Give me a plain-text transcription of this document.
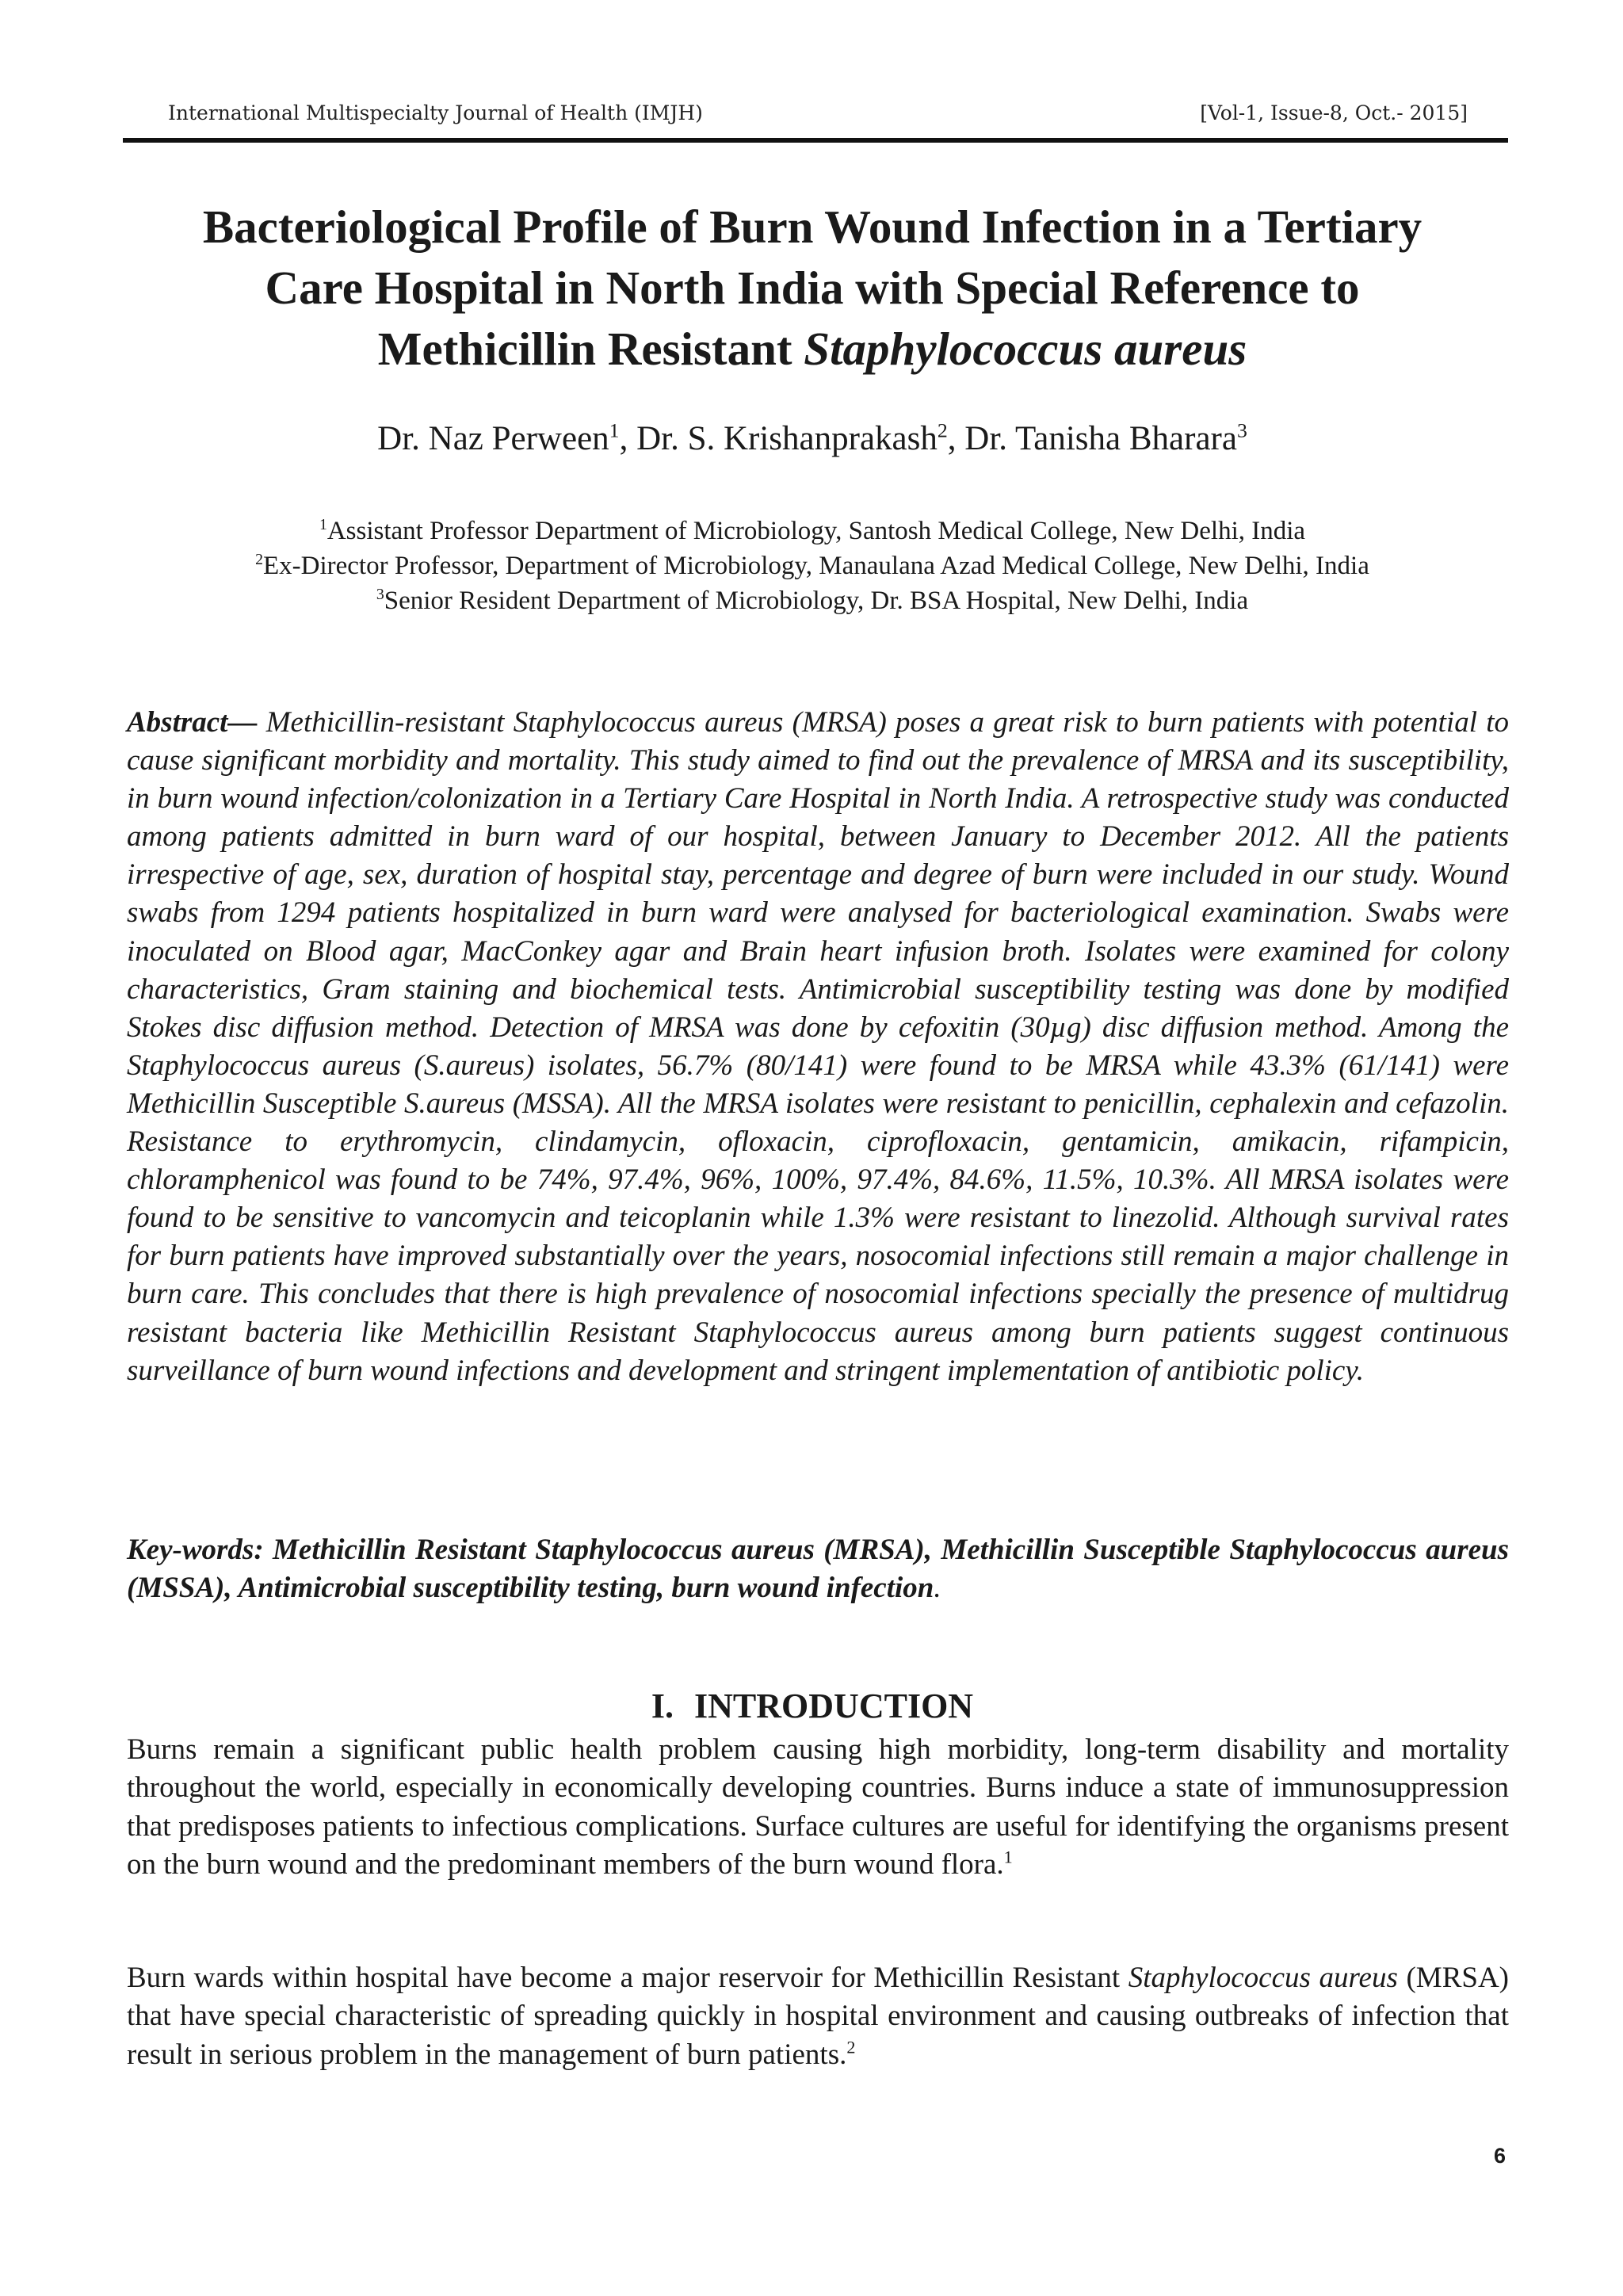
International Multispecialty Journal of Health (IMJH)	[Vol-1, Issue-8, Oct.- 2015]
Bacteriological Profile of Burn Wound Infection in a Tertiary
Care Hospital in North India with Special Reference to
Methicillin Resistant Staphylococcus aureus
Dr. Naz Perween$^1$, Dr. S. Krishanprakash$^2$, Dr. Tanisha Bharara$^3$
$^1$Assistant Professor Department of Microbiology, Santosh Medical College, New Delhi, India
$^2$Ex-Director Professor, Department of Microbiology, Manaulana Azad Medical College, New Delhi, India
$^3$Senior Resident Department of Microbiology, Dr. BSA Hospital, New Delhi, India

Abstract— Methicillin-resistant Staphylococcus aureus (MRSA) poses a great risk to burn patients with potential to cause significant morbidity and mortality. This study aimed to find out the prevalence of MRSA and its susceptibility, in burn wound infection/colonization in a Tertiary Care Hospital in North India. A retrospective study was conducted among patients admitted in burn ward of our hospital, between January to December 2012. All the patients irrespective of age, sex, duration of hospital stay, percentage and degree of burn were included in our study. Wound swabs from 1294 patients hospitalized in burn ward were analysed for bacteriological examination. Swabs were inoculated on Blood agar, MacConkey agar and Brain heart infusion broth. Isolates were examined for colony characteristics, Gram staining and biochemical tests. Antimicrobial susceptibility testing was done by modified Stokes disc diffusion method. Detection of MRSA was done by cefoxitin (30µg) disc diffusion method. Among the Staphylococcus aureus (S.aureus) isolates, 56.7% (80/141) were found to be MRSA while 43.3% (61/141) were Methicillin Susceptible S.aureus (MSSA). All the MRSA isolates were resistant to penicillin, cephalexin and cefazolin. Resistance to erythromycin, clindamycin, ofloxacin, ciprofloxacin, gentamicin, amikacin, rifampicin, chloramphenicol was found to be 74%, 97.4%, 96%, 100%, 97.4%, 84.6%, 11.5%, 10.3%. All MRSA isolates were found to be sensitive to vancomycin and teicoplanin while 1.3% were resistant to linezolid. Although survival rates for burn patients have improved substantially over the years, nosocomial infections still remain a major challenge in burn care. This concludes that there is high prevalence of nosocomial infections specially the presence of multidrug resistant bacteria like Methicillin Resistant Staphylococcus aureus among burn patients suggest continuous surveillance of burn wound infections and development and stringent implementation of antibiotic policy.

Key-words: Methicillin Resistant Staphylococcus aureus (MRSA), Methicillin Susceptible Staphylococcus aureus (MSSA), Antimicrobial susceptibility testing, burn wound infection.

I. INTRODUCTION

Burns remain a significant public health problem causing high morbidity, long-term disability and mortality throughout the world, especially in economically developing countries. Burns induce a state of immunosuppression that predisposes patients to infectious complications. Surface cultures are useful for identifying the organisms present on the burn wound and the predominant members of the burn wound flora.$^1$

Burn wards within hospital have become a major reservoir for Methicillin Resistant Staphylococcus aureus (MRSA) that have special characteristic of spreading quickly in hospital environment and causing outbreaks of infection that result in serious problem in the management of burn patients.$^2$

6
